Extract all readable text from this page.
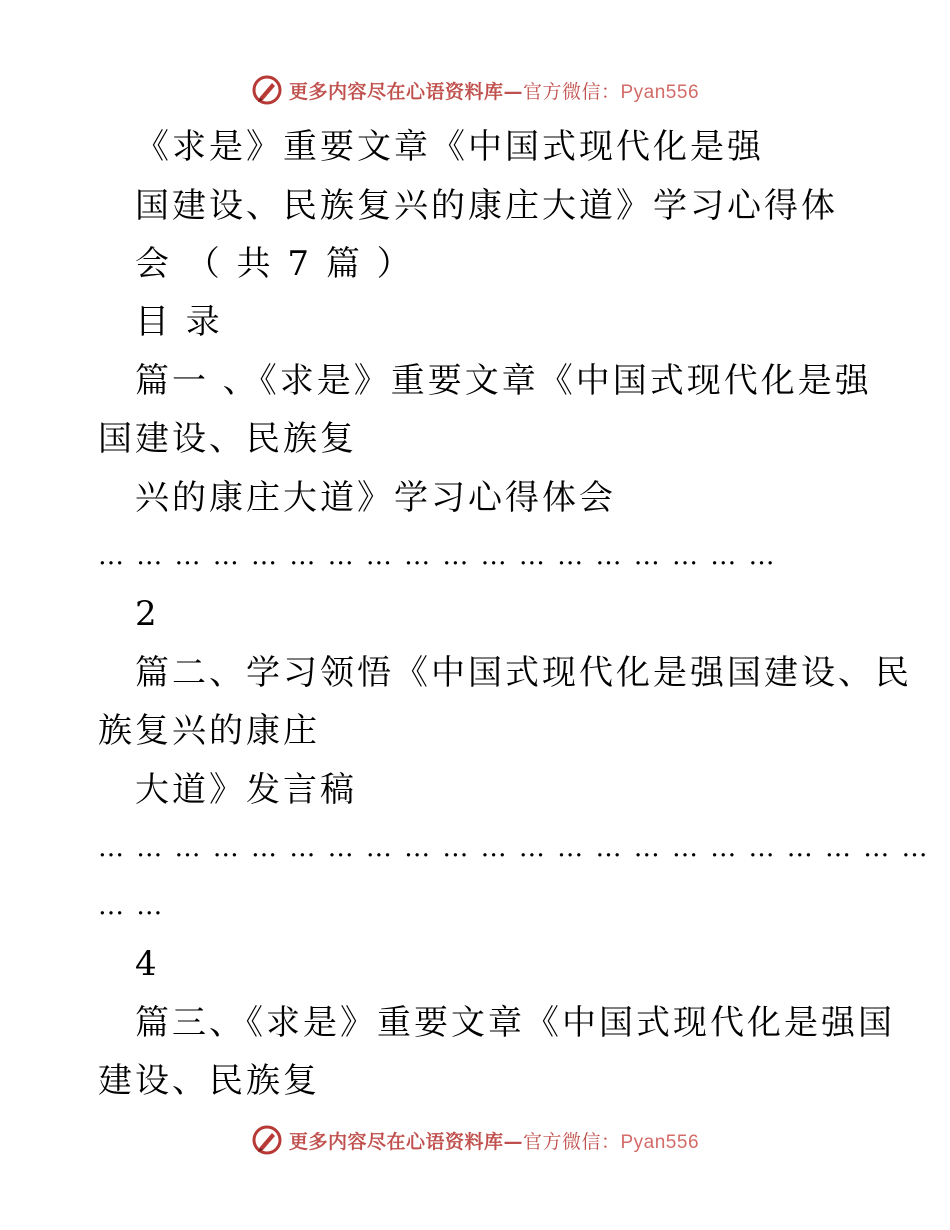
更多内容尽在心语资料库—官方微信：Pyan556
《求是》重要文章《中国式现代化是强
国建设、民族复兴的康庄大道》学习心得体
会 （ 共 7 篇 ）
目 录
篇一 、《求是》重要文章《中国式现代化是强
国建设、民族复
兴的康庄大道》学习心得体会
… … … … … … … … … … … … … … … … … …
2
篇二、学习领悟《中国式现代化是强国建设、民
族复兴的康庄
大道》发言稿
… … … … … … … … … … … … … … … … … … … … … …
… …
4
篇三、《求是》重要文章《中国式现代化是强国
建设、民族复
更多内容尽在心语资料库—官方微信：Pyan556
